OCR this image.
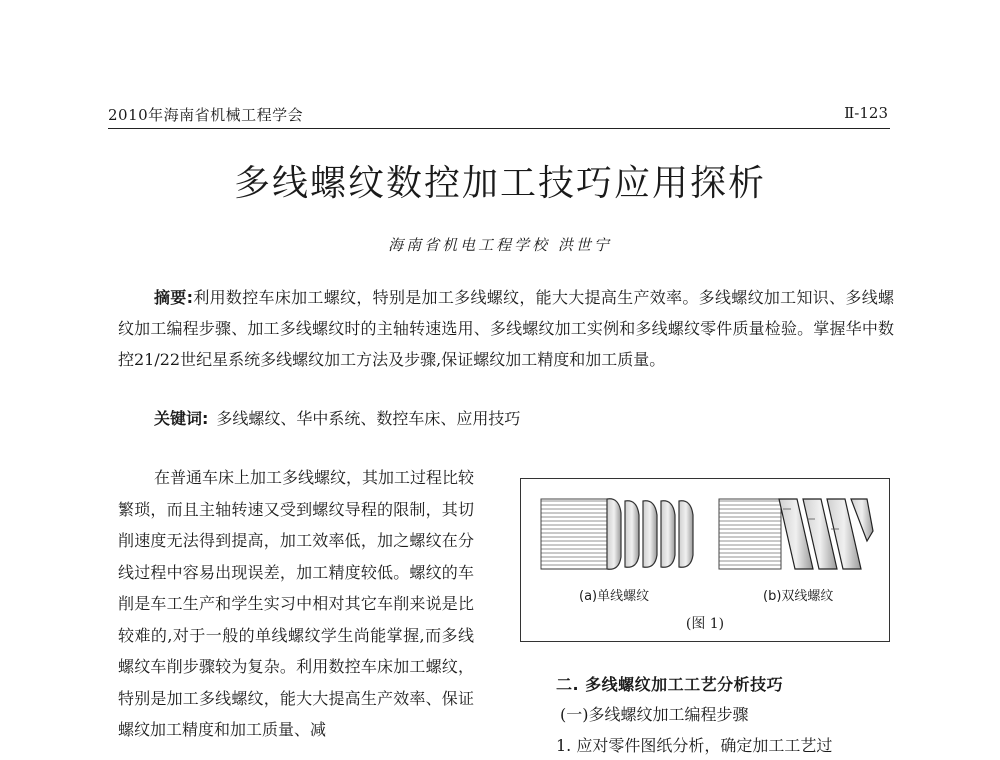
2010年海南省机械工程学会	Ⅱ-123
多线螺纹数控加工技巧应用探析
海南省机电工程学校 洪世宁

摘要:利用数控车床加工螺纹，特别是加工多线螺纹，能大大提高生产效率。多线螺纹加工知识、多线螺纹加工编程步骤、加工多线螺纹时的主轴转速选用、多线螺纹加工实例和多线螺纹零件质量检验。掌握华中数控21/22世纪星系统多线螺纹加工方法及步骤,保证螺纹加工精度和加工质量。

关键词: 多线螺纹、华中系统、数控车床、应用技巧

在普通车床上加工多线螺纹，其加工过程比较繁琐，而且主轴转速又受到螺纹导程的限制，其切削速度无法得到提高，加工效率低，加之螺纹在分线过程中容易出现误差，加工精度较低。螺纹的车削是车工生产和学生实习中相对其它车削来说是比较难的,对于一般的单线螺纹学生尚能掌握,而多线螺纹车削步骤较为复杂。利用数控车床加工螺纹，特别是加工多线螺纹，能大大提高生产效率、保证螺纹加工精度和加工质量、减

(a)单线螺纹	(b)双线螺纹
(图 1)
二. 多线螺纹加工工艺分析技巧
(一)多线螺纹加工编程步骤
1. 应对零件图纸分析，确定加工工艺过
